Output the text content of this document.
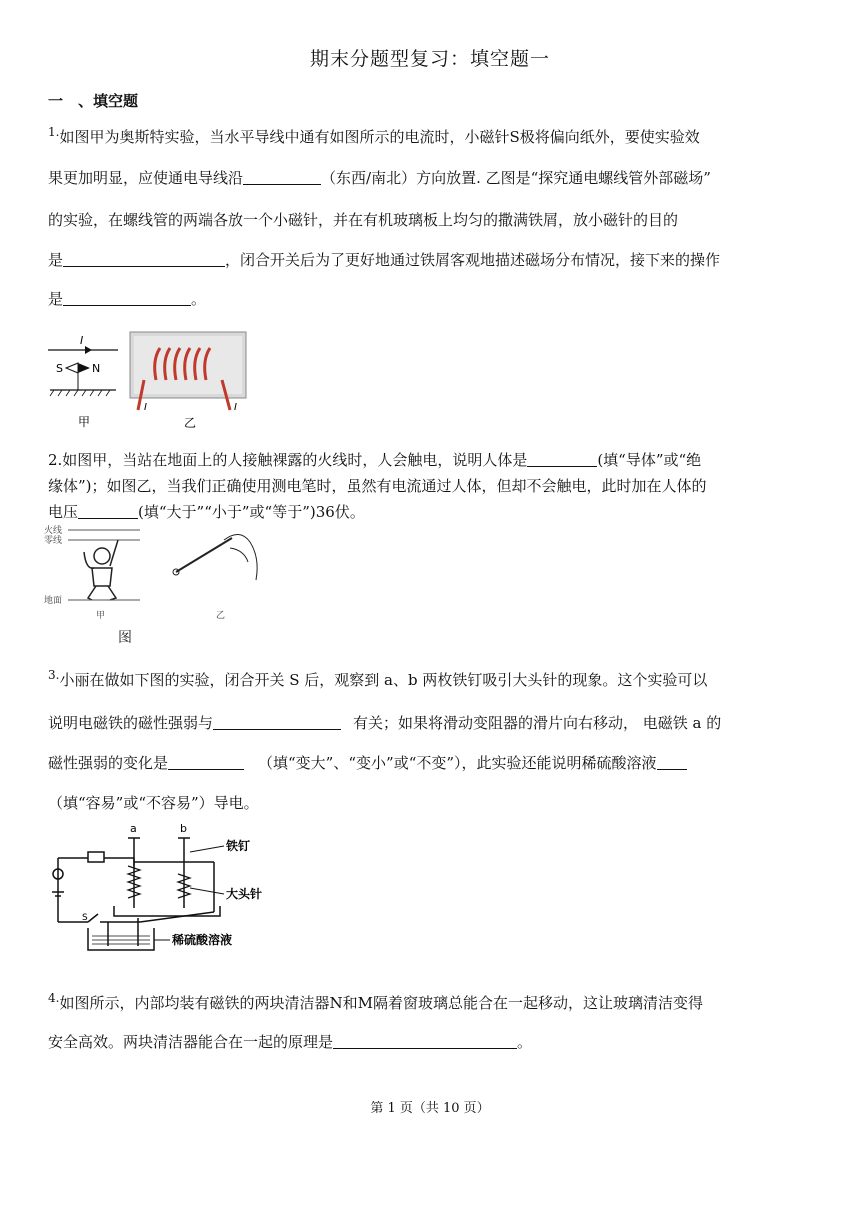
期末分题型复习：填空题一
一　、填空题
$^{1.}$如图甲为奥斯特实验，当水平导线中通有如图所示的电流时，小磁针S极将偏向纸外，要使实验效
果更加明显，应使通电导线沿	（东西/南北）方向放置. 乙图是“探究通电螺线管外部磁场”
的实验，在螺线管的两端各放一个小磁针，并在有机玻璃板上均匀的撒满铁屑，放小磁针的目的
是	，闭合开关后为了更好地通过铁屑客观地描述磁场分布情况，接下来的操作
是	。
I
S	N
甲
I	I
乙
2.如图甲，当站在地面上的人接触裸露的火线时，人会触电，说明人体是	(填“导体”或“绝
缘体”)；如图乙，当我们正确使用测电笔时，虽然有电流通过人体，但却不会触电，此时加在人体的
电压	(填“大于”“小于”或“等于”)36伏。
火线
零线
地面
甲	乙
图
$^{3.}$小丽在做如下图的实验，闭合开关 S 后，观察到 a、b 两枚铁钉吸引大头针的现象。这个实验可以
说明电磁铁的磁性强弱与	有关；如果将滑动变阻器的滑片向右移动， 电磁铁 a 的
磁性强弱的变化是	（填“变大”、“变小”或“不变”），此实验还能说明稀硫酸溶液
（填“容易”或“不容易”）导电。
a	b
铁钉
大头针
S
稀硫酸溶液
$^{4.}$如图所示，内部均装有磁铁的两块清洁器N和M隔着窗玻璃总能合在一起移动，这让玻璃清洁变得
安全高效。两块清洁器能合在一起的原理是	。
第 1 页（共 10 页）
